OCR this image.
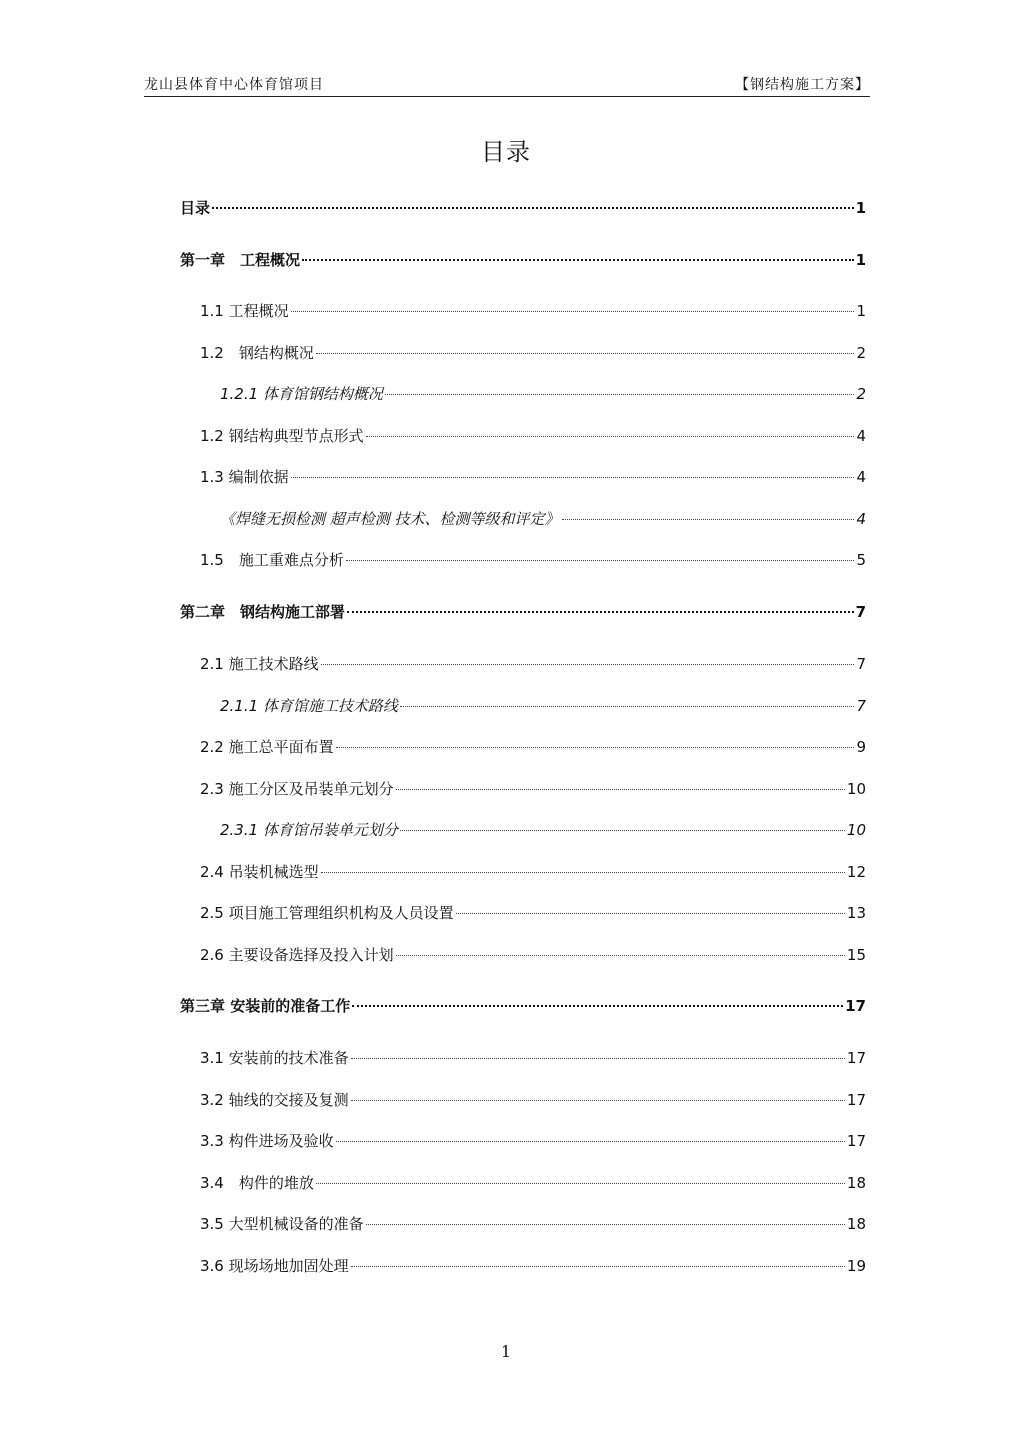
龙山县体育中心体育馆项目	【钢结构施工方案】
目录
目录	1
第一章　工程概况	1
1.1 工程概况	1
1.2　钢结构概况	2
1.2.1 体育馆钢结构概况	2
1.2 钢结构典型节点形式	4
1.3 编制依据	4
《焊缝无损检测 超声检测 技术、检测等级和评定》	4
1.5　施工重难点分析	5
第二章　钢结构施工部署	7
2.1 施工技术路线	7
2.1.1 体育馆施工技术路线	7
2.2 施工总平面布置	9
2.3 施工分区及吊装单元划分	10
2.3.1 体育馆吊装单元划分	10
2.4 吊装机械选型	12
2.5 项目施工管理组织机构及人员设置	13
2.6 主要设备选择及投入计划	15
第三章 安装前的准备工作	17
3.1 安装前的技术准备	17
3.2 轴线的交接及复测	17
3.3 构件进场及验收	17
3.4　构件的堆放	18
3.5 大型机械设备的准备	18
3.6 现场场地加固处理	19
1
